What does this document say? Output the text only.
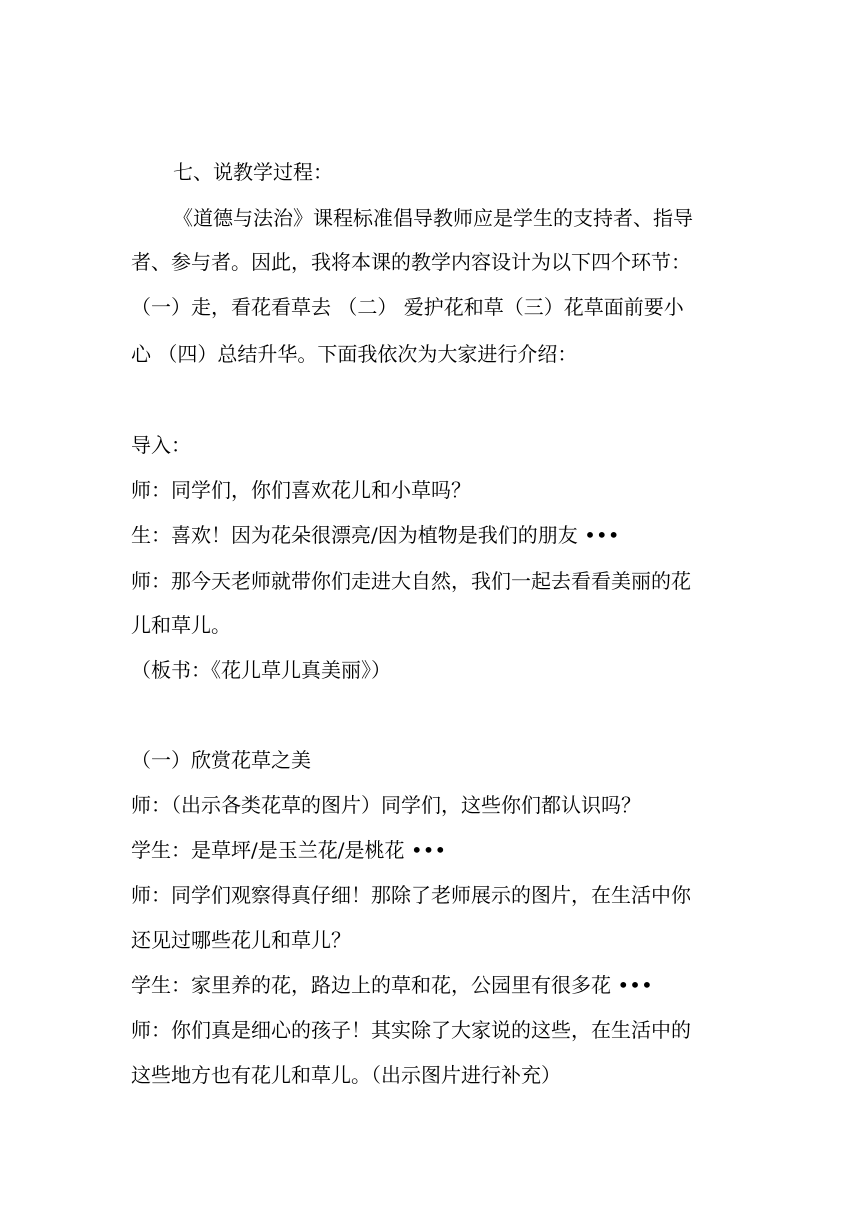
七、说教学过程：

《道德与法治》课程标准倡导教师应是学生的支持者、指导

者、参与者。因此，我将本课的教学内容设计为以下四个环节：

（一）走，看花看草去 （二） 爱护花和草（三）花草面前要小

心 （四）总结升华。下面我依次为大家进行介绍：

导入：

师：同学们，你们喜欢花儿和小草吗？

生：喜欢！因为花朵很漂亮/因为植物是我们的朋友 •••

师：那今天老师就带你们走进大自然，我们一起去看看美丽的花

儿和草儿。

（板书：《花儿草儿真美丽》）

（一）欣赏花草之美

师：（出示各类花草的图片）同学们，这些你们都认识吗？

学生：是草坪/是玉兰花/是桃花 •••

师：同学们观察得真仔细！那除了老师展示的图片，在生活中你

还见过哪些花儿和草儿？

学生：家里养的花，路边上的草和花，公园里有很多花 •••

师：你们真是细心的孩子！其实除了大家说的这些，在生活中的

这些地方也有花儿和草儿。（出示图片进行补充）
